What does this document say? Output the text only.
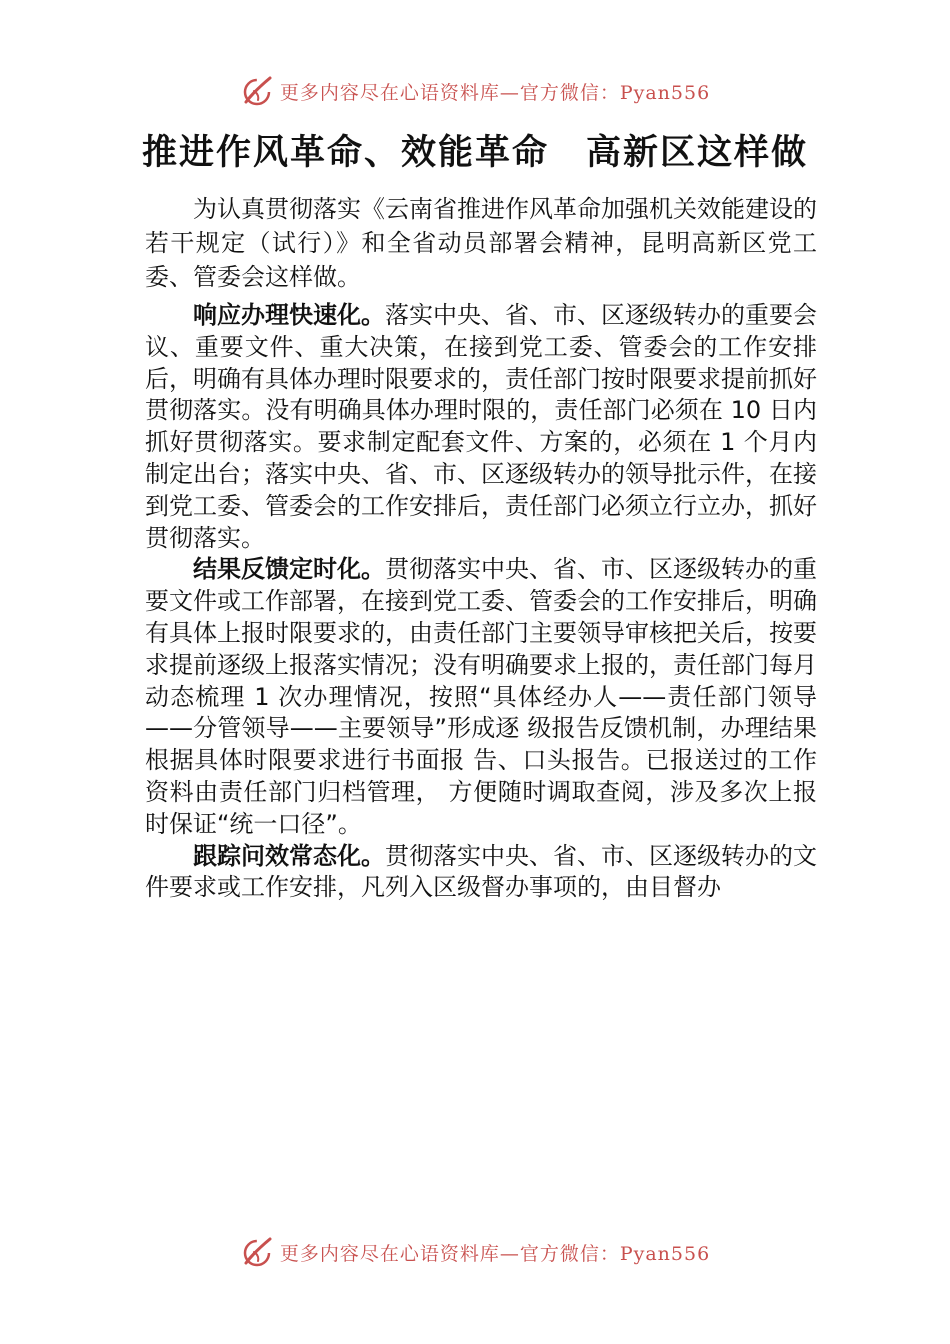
更多内容尽在心语资料库—官方微信：Pyan556
推进作风革命、效能革命　高新区这样做

为认真贯彻落实《云南省推进作风革命加强机关效能建设的若干规定（试行）》和全省动员部署会精神，昆明高新区党工委、管委会这样做。

响应办理快速化。落实中央、省、市、区逐级转办的重要会议、重要文件、重大决策，在接到党工委、管委会的工作安排后，明确有具体办理时限要求的，责任部门按时限要求提前抓好贯彻落实。没有明确具体办理时限的，责任部门必须在 10 日内抓好贯彻落实。要求制定配套文件、方案的，必须在 1 个月内制定出台；落实中央、省、市、区逐级转办的领导批示件，在接到党工委、管委会的工作安排后，责任部门必须立行立办，抓好贯彻落实。

结果反馈定时化。贯彻落实中央、省、市、区逐级转办的重要文件或工作部署，在接到党工委、管委会的工作安排后，明确有具体上报时限要求的，由责任部门主要领导审核把关后，按要求提前逐级上报落实情况；没有明确要求上报的，责任部门每月动态梳理 1 次办理情况，按照“具体经办人——责任部门领导——分管领导——主要领导”形成逐 级报告反馈机制，办理结果根据具体时限要求进行书面报 告、口头报告。已报送过的工作资料由责任部门归档管理， 方便随时调取查阅，涉及多次上报时保证“统一口径”。

跟踪问效常态化。贯彻落实中央、省、市、区逐级转办的文件要求或工作安排，凡列入区级督办事项的，由目督办

更多内容尽在心语资料库—官方微信：Pyan556
